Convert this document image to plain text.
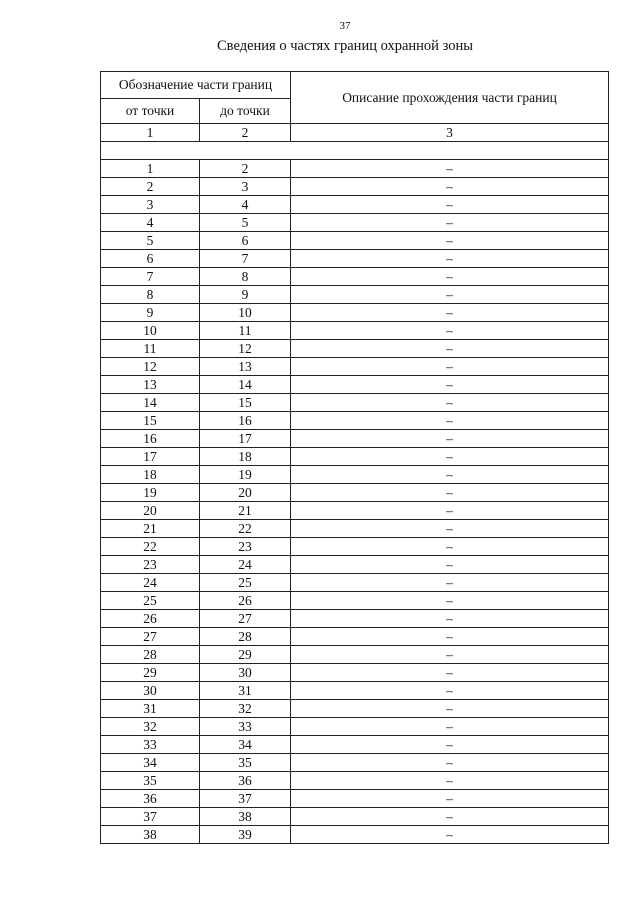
37
Сведения о частях границ охранной зоны
Обозначение части границ		Описание прохождения части границ
от точки	до точки	
1	2	3

1	2	–
2	3	–
3	4	–
4	5	–
5	6	–
6	7	–
7	8	–
8	9	–
9	10	–
10	11	–
11	12	–
12	13	–
13	14	–
14	15	–
15	16	–
16	17	–
17	18	–
18	19	–
19	20	–
20	21	–
21	22	–
22	23	–
23	24	–
24	25	–
25	26	–
26	27	–
27	28	–
28	29	–
29	30	–
30	31	–
31	32	–
32	33	–
33	34	–
34	35	–
35	36	–
36	37	–
37	38	–
38	39	–
